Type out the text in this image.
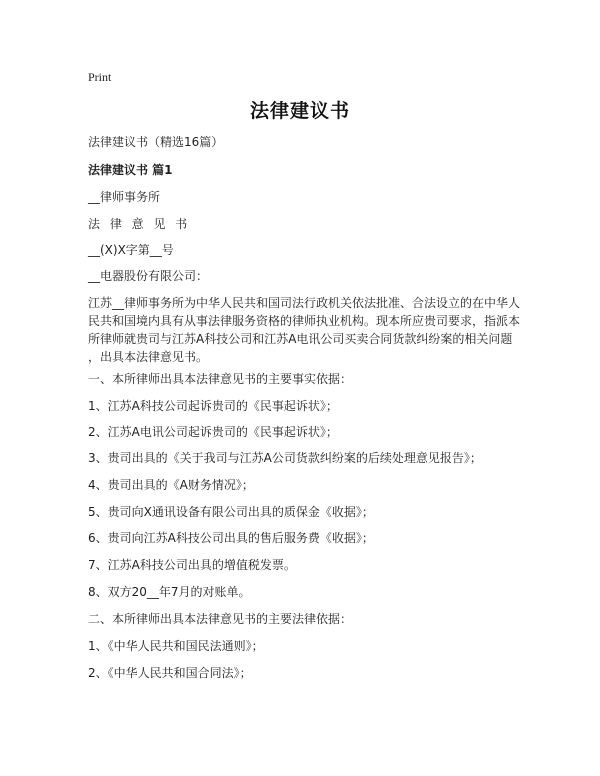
Print
法律建议书
法律建议书（精选16篇）
法律建议书 篇1
__律师事务所
法 律 意 见 书
__(X)X字第__号
__电器股份有限公司：
江苏__律师事务所为中华人民共和国司法行政机关依法批准、合法设立的在中华人
民共和国境内具有从事法律服务资格的律师执业机构。现本所应贵司要求，指派本
所律师就贵司与江苏A科技公司和江苏A电讯公司买卖合同货款纠纷案的相关问题
，出具本法律意见书。
一、本所律师出具本法律意见书的主要事实依据：
1、江苏A科技公司起诉贵司的《民事起诉状》；
2、江苏A电讯公司起诉贵司的《民事起诉状》；
3、贵司出具的《关于我司与江苏A公司货款纠纷案的后续处理意见报告》；
4、贵司出具的《A财务情况》；
5、贵司向X通讯设备有限公司出具的质保金《收据》；
6、贵司向江苏A科技公司出具的售后服务费《收据》；
7、江苏A科技公司出具的增值税发票。
8、双方20__年7月的对账单。
二、本所律师出具本法律意见书的主要法律依据：
1、《中华人民共和国民法通则》；
2、《中华人民共和国合同法》；
